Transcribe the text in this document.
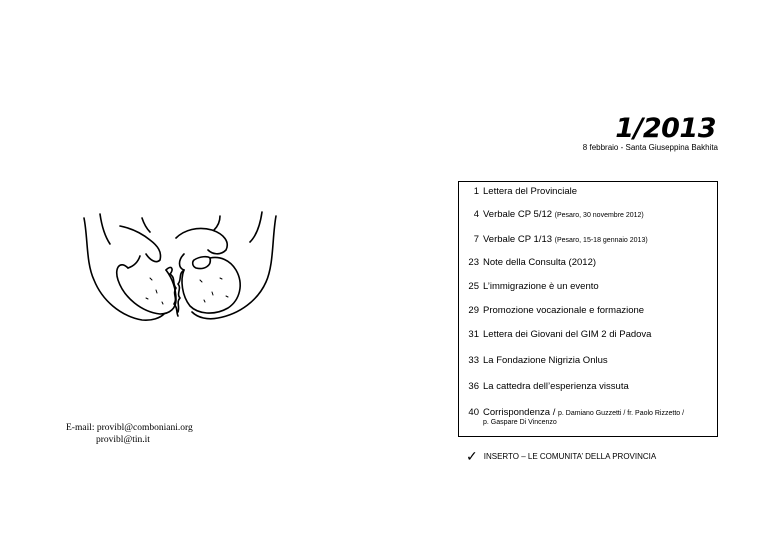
1/2013
8 febbraio - Santa Giuseppina Bakhita
1 Lettera del Provinciale
4 Verbale CP 5/12 (Pesaro, 30 novembre 2012)
7 Verbale CP 1/13 (Pesaro, 15-18 gennaio 2013)
23 Note della Consulta (2012)
25 L’immigrazione è un evento
29 Promozione vocazionale e formazione
31 Lettera dei Giovani del GIM 2 di Padova
33 La Fondazione Nigrizia Onlus
36 La cattedra dell’esperienza vissuta
40 Corrispondenza / p. Damiano Guzzetti / fr. Paolo Rizzetto /
p. Gaspare Di Vincenzo
E-mail: provibl@comboniani.org
provibl@tin.it
✓ INSERTO – LE COMUNITA’ DELLA PROVINCIA
